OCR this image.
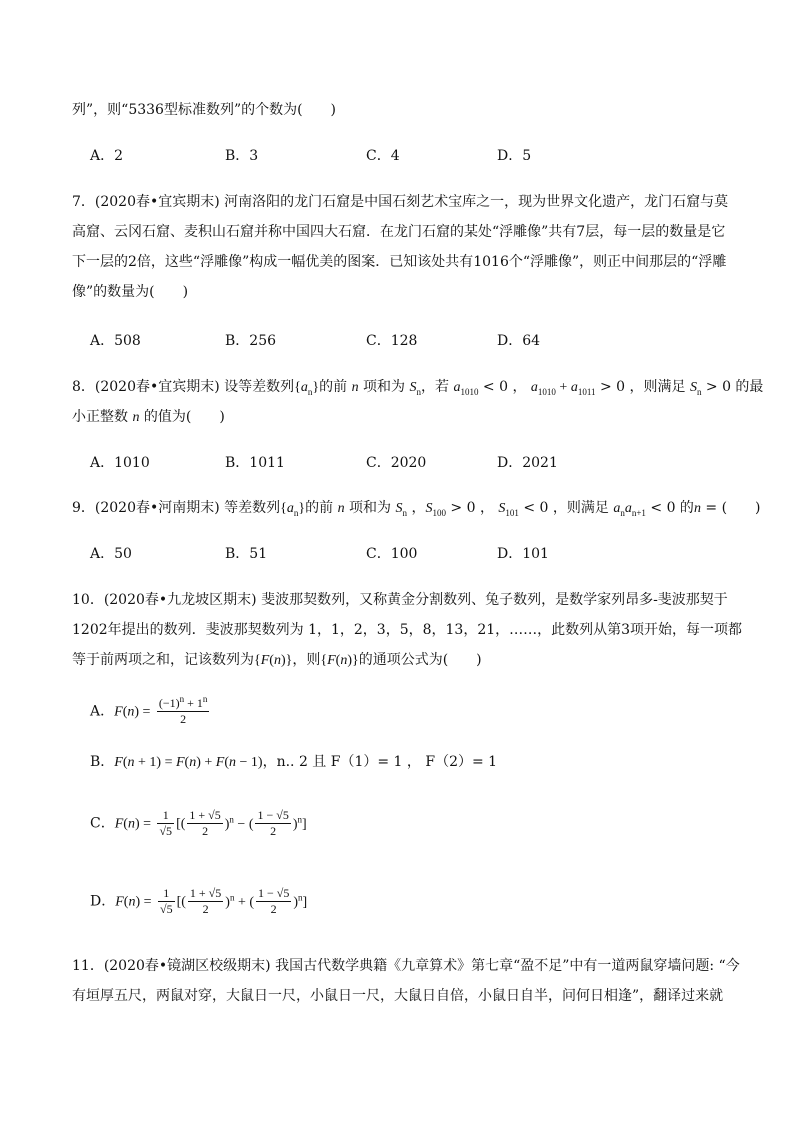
列”，则“5336型标准数列”的个数为(　　)
A．2	B．3	C．4	D．5
7．(2020春•宜宾期末) 河南洛阳的龙门石窟是中国石刻艺术宝库之一，现为世界文化遗产，龙门石窟与莫
高窟、云冈石窟、麦积山石窟并称中国四大石窟．在龙门石窟的某处“浮雕像”共有7层，每一层的数量是它
下一层的2倍，这些“浮雕像”构成一幅优美的图案．已知该处共有1016个“浮雕像”，则正中间那层的“浮雕
像”的数量为(　　)
A．508	B．256	C．128	D．64
8．(2020春•宜宾期末) 设等差数列$\{a_n\}$的前 n 项和为 $S_n$，若 $a_{1010} < 0$ ， $a_{1010} + a_{1011} > 0$ ，则满足 $S_n > 0$ 的最
小正整数 n 的值为(　　)
A．1010	B．1011	C．2020	D．2021
9．(2020春•河南期末) 等差数列$\{a_n\}$的前 n 项和为 $S_n$ ，$S_{100} > 0$ ， $S_{101} < 0$ ，则满足 $a_na_{n+1} < 0$ 的n = (　　)
A．50	B．51	C．100	D．101
10．(2020春•九龙坡区期末) 斐波那契数列，又称黄金分割数列、兔子数列，是数学家列昂多-斐波那契于
1202年提出的数列．斐波那契数列为 1，1，2，3，5，8，13，21，……，此数列从第3项开始，每一项都
等于前两项之和，记该数列为{F(n)}，则{F(n)}的通项公式为(　　)
A．$F(n) = \frac{(-1)^n + 1^n}{2}$
B．F(n + 1) = F(n) + F(n − 1)，n.. 2 且 F（1）= 1 ， F（2）= 1
C．$F(n) = \frac{1}{√5}$ [( $\frac{1 + √5}{2} )^n$ − ( $\frac{1 - √5}{2} )^n$]
D．$F(n) = \frac{1}{√5}$ [( $\frac{1 + √5}{2} )^n$ + ( $\frac{1 - √5}{2} )^n$]
11．(2020春•镜湖区校级期末) 我国古代数学典籍《九章算术》第七章“盈不足”中有一道两鼠穿墙问题: “今
有垣厚五尺，两鼠对穿，大鼠日一尺，小鼠日一尺，大鼠日自倍，小鼠日自半，问何日相逢”，翻译过来就
